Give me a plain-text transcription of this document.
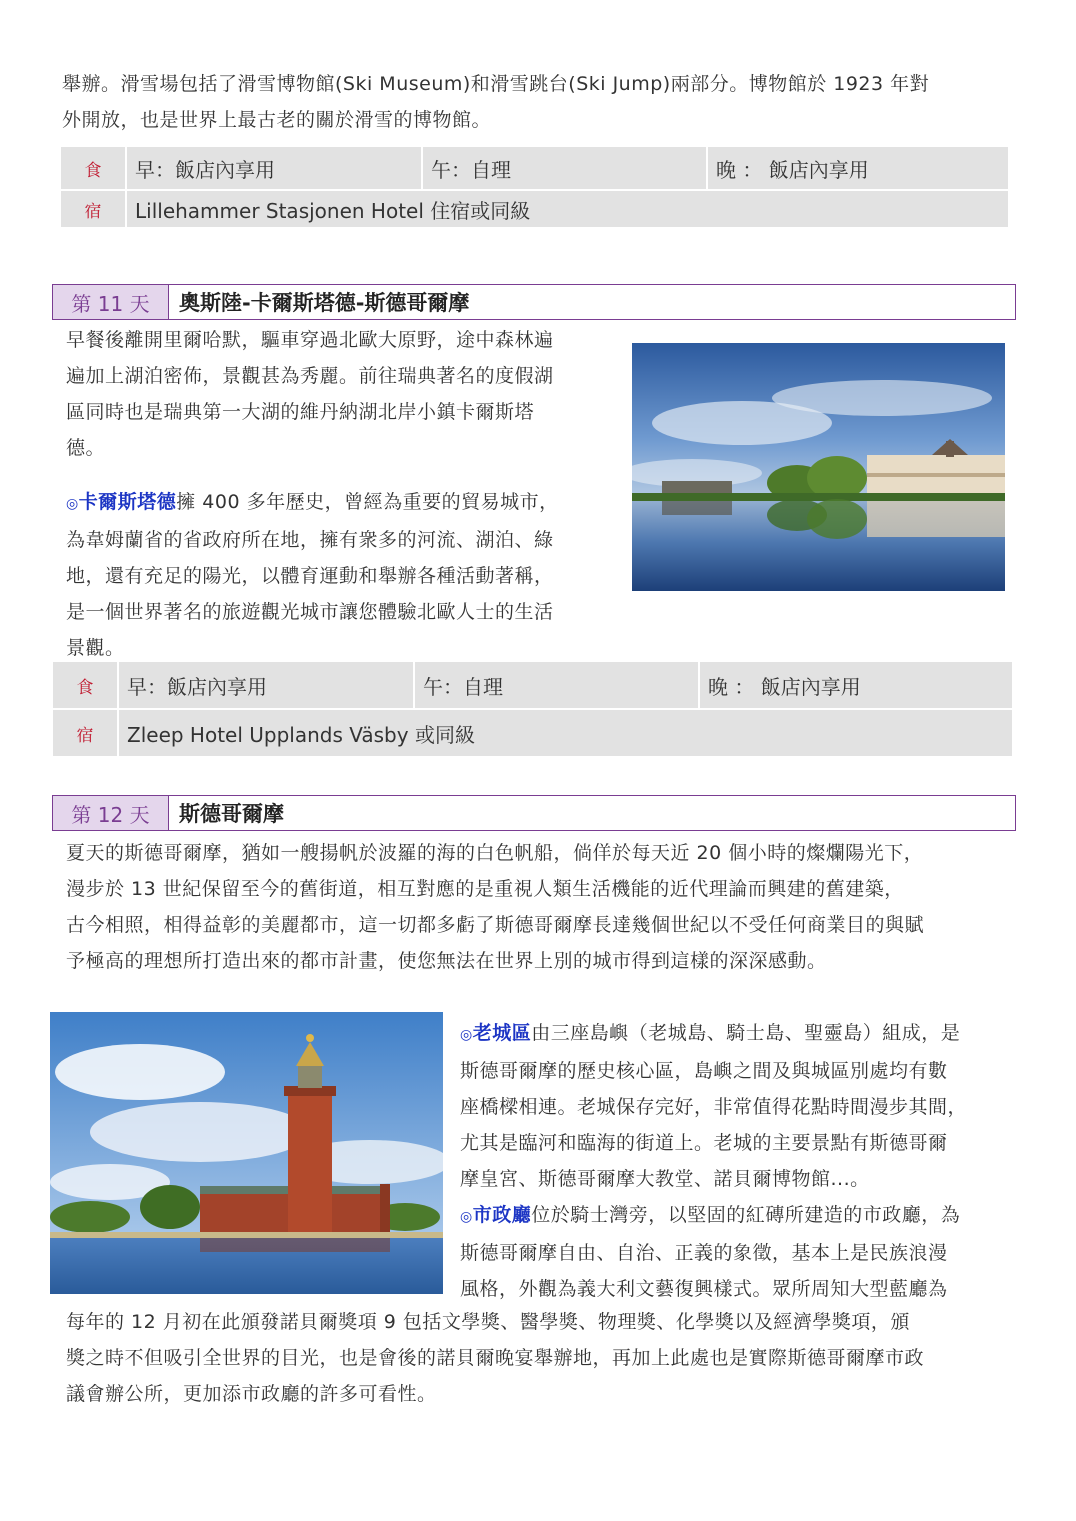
舉辦。滑雪場包括了滑雪博物館(Ski Museum)和滑雪跳台(Ski Jump)兩部分。博物館於 1923 年對
外開放，也是世界上最古老的關於滑雪的博物館。
食	早：飯店內享用	午：自理	晚 ： 飯店內享用
宿	Lillehammer Stasjonen Hotel 住宿或同級		
第 11 天	奧斯陸-卡爾斯塔德-斯德哥爾摩
早餐後離開里爾哈默，驅車穿過北歐大原野，途中森林遍
遍加上湖泊密佈，景觀甚為秀麗。前往瑞典著名的度假湖
區同時也是瑞典第一大湖的維丹納湖北岸小鎮卡爾斯塔
德。
◎卡爾斯塔德擁 400 多年歷史，曾經為重要的貿易城市，
為韋姆蘭省的省政府所在地，擁有衆多的河流、湖泊、綠
地，還有充足的陽光，以體育運動和舉辦各種活動著稱，
是一個世界著名的旅遊觀光城市讓您體驗北歐人士的生活
景觀。
食	早：飯店內享用	午：自理	晚 ： 飯店內享用
宿	Zleep Hotel Upplands Väsby 或同級		
第 12 天	斯德哥爾摩
夏天的斯德哥爾摩，猶如一艘揚帆於波羅的海的白色帆船，倘佯於每天近 20 個小時的燦爛陽光下，
漫步於 13 世紀保留至今的舊街道，相互對應的是重視人類生活機能的近代理論而興建的舊建築，
古今相照，相得益彰的美麗都市，這一切都多虧了斯德哥爾摩長達幾個世紀以不受任何商業目的與賦
予極高的理想所打造出來的都市計畫，使您無法在世界上別的城市得到這樣的深深感動。
◎老城區由三座島嶼（老城島、騎士島、聖靈島）組成，是
斯德哥爾摩的歷史核心區，島嶼之間及與城區別處均有數
座橋樑相連。老城保存完好，非常值得花點時間漫步其間，
尤其是臨河和臨海的街道上。老城的主要景點有斯德哥爾
摩皇宮、斯德哥爾摩大教堂、諾貝爾博物館...。
◎市政廳位於騎士灣旁，以堅固的紅磚所建造的市政廳，為
斯德哥爾摩自由、自治、正義的象徵，基本上是民族浪漫
風格，外觀為義大利文藝復興樣式。眾所周知大型藍廳為
每年的 12 月初在此頒發諾貝爾獎項 9 包括文學獎、醫學獎、物理獎、化學獎以及經濟學獎項，頒
獎之時不但吸引全世界的目光，也是會後的諾貝爾晚宴舉辦地，再加上此處也是實際斯德哥爾摩市政
議會辦公所，更加添市政廳的許多可看性。
